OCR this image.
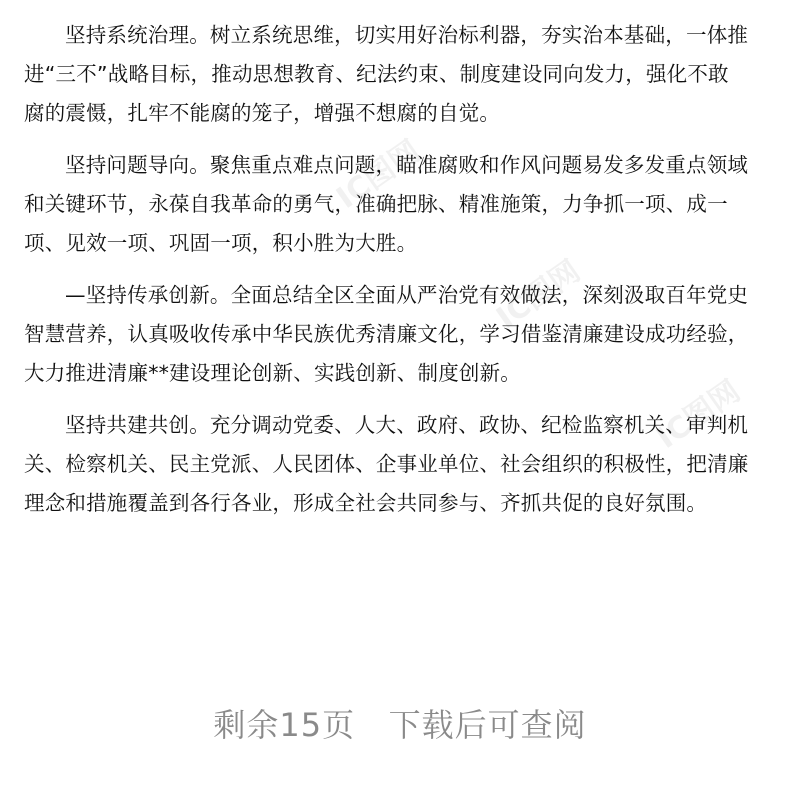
IC图网
IC图网
IC图网
坚持系统治理。树立系统思维，切实用好治标利器，夯实治本基础，一体推
进“三不”战略目标，推动思想教育、纪法约束、制度建设同向发力，强化不敢
腐的震慑，扎牢不能腐的笼子，增强不想腐的自觉。
坚持问题导向。聚焦重点难点问题，瞄准腐败和作风问题易发多发重点领域
和关键环节，永葆自我革命的勇气，准确把脉、精准施策，力争抓一项、成一
项、见效一项、巩固一项，积小胜为大胜。
—坚持传承创新。全面总结全区全面从严治党有效做法，深刻汲取百年党史
智慧营养，认真吸收传承中华民族优秀清廉文化，学习借鉴清廉建设成功经验，
大力推进清廉**建设理论创新、实践创新、制度创新。
坚持共建共创。充分调动党委、人大、政府、政协、纪检监察机关、审判机
关、检察机关、民主党派、人民团体、企事业单位、社会组织的积极性，把清廉
理念和措施覆盖到各行各业，形成全社会共同参与、齐抓共促的良好氛围。
剩余15页   下载后可查阅
